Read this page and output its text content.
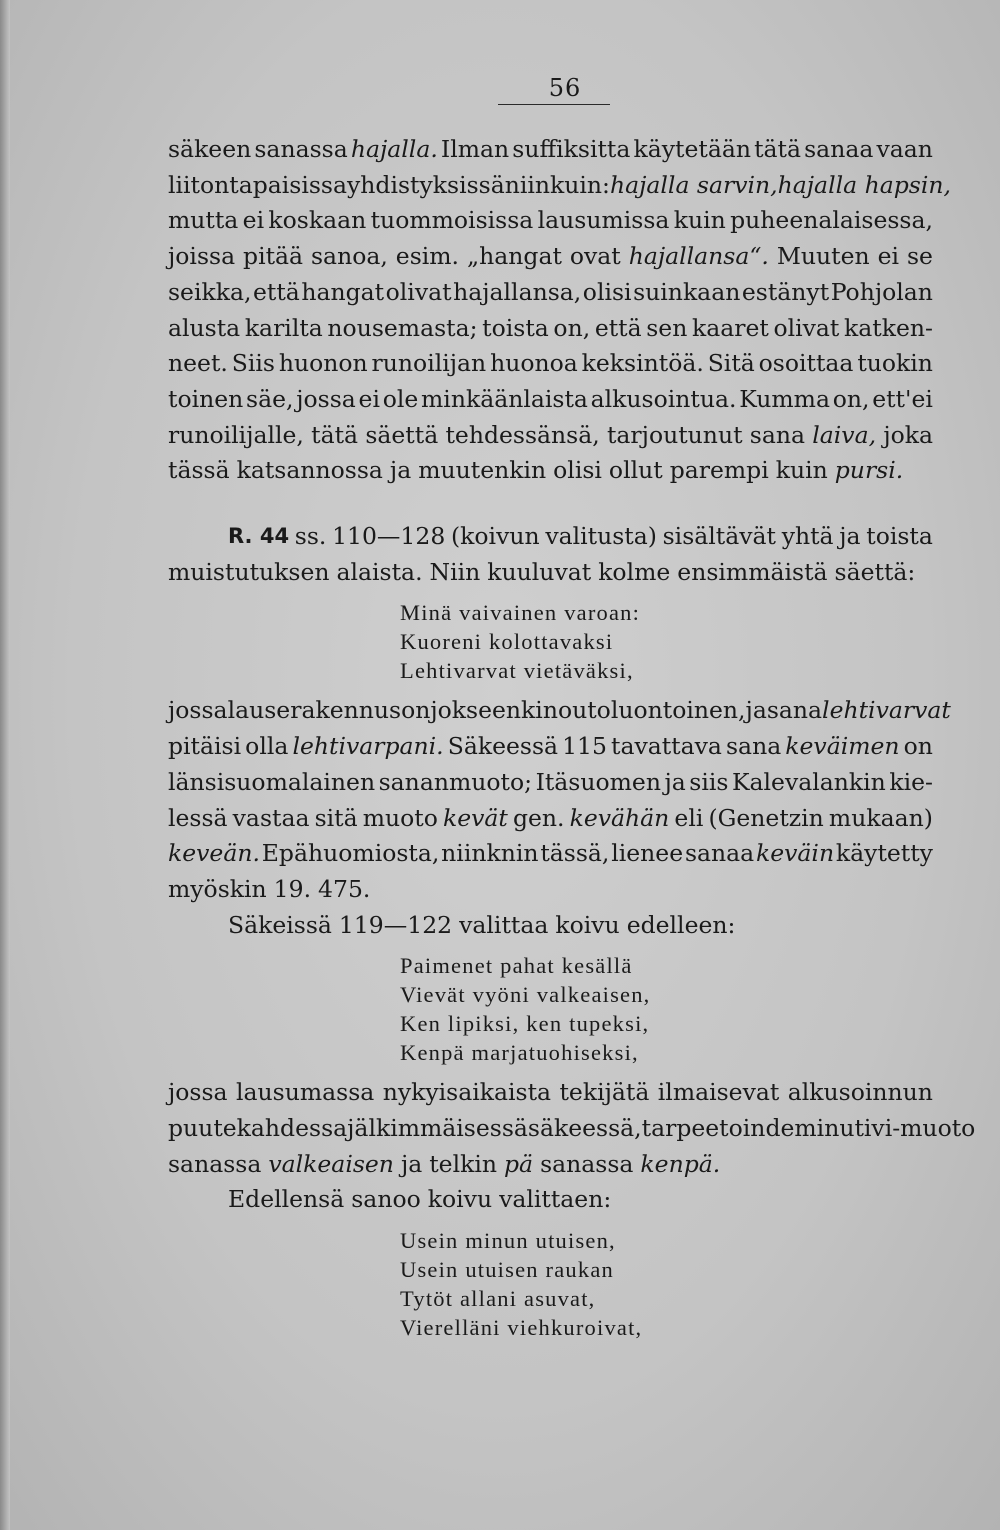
56
säkeen sanassa hajalla. Ilman suffiksitta käytetään tätä sanaa vaan
liitontapaisissa yhdistyksissä niinkuin: hajalla sarvin, hajalla hapsin,
mutta ei koskaan tuommoisissa lausumissa kuin puheenalaisessa,
joissa pitää sanoa, esim. „hangat ovat hajallansa“. Muuten ei se
seikka, että hangat olivat hajallansa, olisi suinkaan estänyt Pohjolan
alusta karilta nousemasta; toista on, että sen kaaret olivat katken-
neet. Siis huonon runoilijan huonoa keksintöä. Sitä osoittaa tuokin
toinen säe, jossa ei ole minkäänlaista alkusointua. Kumma on, ett'ei
runoilijalle, tätä säettä tehdessänsä, tarjoutunut sana laiva, joka
tässä katsannossa ja muutenkin olisi ollut parempi kuin pursi.
R. 44 ss. 110—128 (koivun valitusta) sisältävät yhtä ja toista
muistutuksen alaista. Niin kuuluvat kolme ensimmäistä säettä:
Minä vaivainen varoan:
Kuoreni kolottavaksi
Lehtivarvat vietäväksi,
jossa lauserakennus on jokseenkin outoluontoinen, ja sana lehtivarvat
pitäisi olla lehtivarpani. Säkeessä 115 tavattava sana keväimen on
länsisuomalainen sananmuoto; Itäsuomen ja siis Kalevalankin kie-
lessä vastaa sitä muoto kevät gen. kevähän eli (Genetzin mukaan)
keveän. Epähuomiosta, niinknin tässä, lienee sanaa keväin käytetty
myöskin 19. 475.
Säkeissä 119—122 valittaa koivu edelleen:
Paimenet pahat kesällä
Vievät vyöni valkeaisen,
Ken lipiksi, ken tupeksi,
Kenpä marjatuohiseksi,
jossa lausumassa nykyisaikaista tekijätä ilmaisevat alkusoinnun
puute kahdessa jälkimmäisessä säkeessä, tarpeetoin deminutivi-muoto
sanassa valkeaisen ja telkin pä sanassa kenpä.
Edellensä sanoo koivu valittaen:
Usein minun utuisen,
Usein utuisen raukan
Tytöt allani asuvat,
Vierelläni viehkuroivat,
